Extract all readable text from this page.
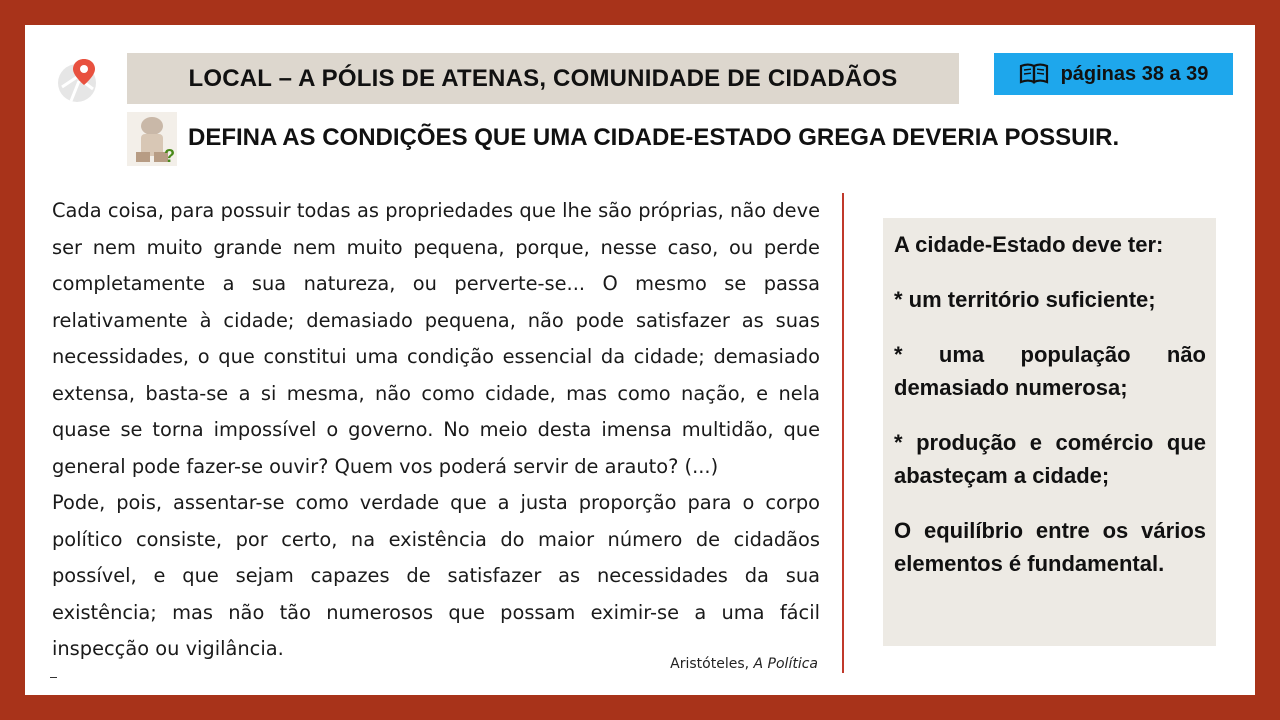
LOCAL – A PÓLIS DE ATENAS, COMUNIDADE DE CIDADÃOS	páginas 38 a 39
?
DEFINA AS CONDIÇÕES QUE UMA CIDADE-ESTADO GREGA DEVERIA POSSUIR.

Cada coisa, para possuir todas as propriedades que lhe são próprias, não deve ser nem muito grande nem muito pequena, porque, nesse caso, ou perde completamente a sua natureza, ou perverte-se... O mesmo se passa relativamente à cidade; demasiado pequena, não pode satisfazer as suas necessidades, o que constitui uma condição essencial da cidade; demasiado extensa, basta-se a si mesma, não como cidade, mas como nação, e nela quase se torna impossível o governo. No meio desta imensa multidão, que general pode fazer-se ouvir? Quem vos poderá servir de arauto? (...)

Pode, pois, assentar-se como verdade que a justa proporção para o corpo político consiste, por certo, na existência do maior número de cidadãos possível, e que sejam capazes de satisfazer as necessidades da sua existência; mas não tão numerosos que possam eximir-se a uma fácil inspecção ou vigilância.

Aristóteles, A Política

A cidade-Estado deve ter:

* um território suficiente;

* uma população não demasiado numerosa;

* produção e comércio que abasteçam a cidade;

O equilíbrio entre os vários elementos é fundamental.
